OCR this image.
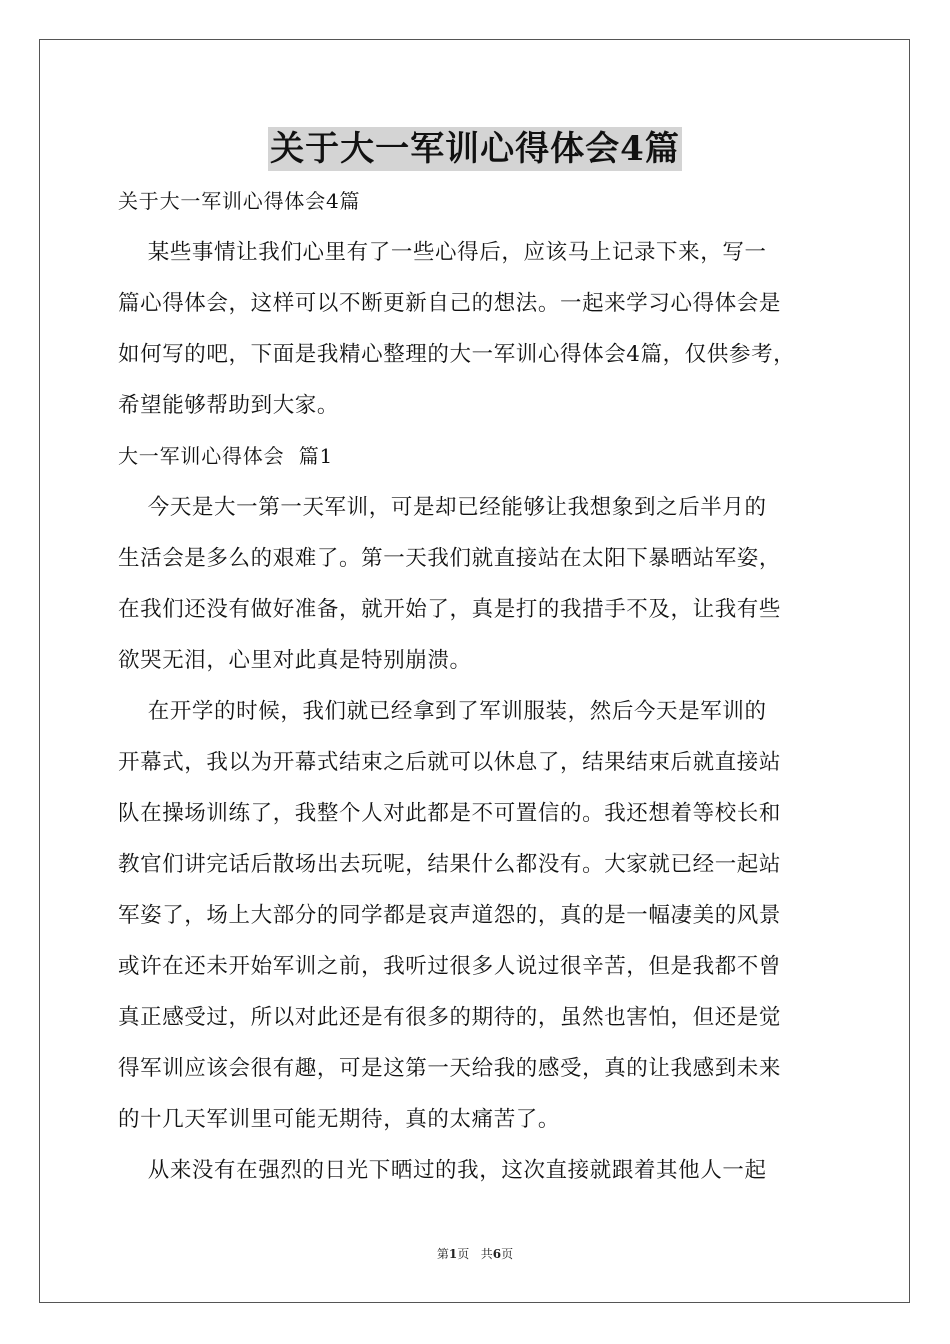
关于大一军训心得体会4篇

关于大一军训心得体会4篇

某些事情让我们心里有了一些心得后，应该马上记录下来，写一

篇心得体会，这样可以不断更新自己的想法。一起来学习心得体会是

如何写的吧，下面是我精心整理的大一军训心得体会4篇，仅供参考，

希望能够帮助到大家。

大一军训心得体会  篇1

今天是大一第一天军训，可是却已经能够让我想象到之后半月的

生活会是多么的艰难了。第一天我们就直接站在太阳下暴晒站军姿，

在我们还没有做好准备，就开始了，真是打的我措手不及，让我有些

欲哭无泪，心里对此真是特别崩溃。

在开学的时候，我们就已经拿到了军训服装，然后今天是军训的

开幕式，我以为开幕式结束之后就可以休息了，结果结束后就直接站

队在操场训练了，我整个人对此都是不可置信的。我还想着等校长和

教官们讲完话后散场出去玩呢，结果什么都没有。大家就已经一起站

军姿了，场上大部分的同学都是哀声道怨的，真的是一幅凄美的风景

或许在还未开始军训之前，我听过很多人说过很辛苦，但是我都不曾

真正感受过，所以对此还是有很多的期待的，虽然也害怕，但还是觉

得军训应该会很有趣，可是这第一天给我的感受，真的让我感到未来

的十几天军训里可能无期待，真的太痛苦了。

从来没有在强烈的日光下晒过的我，这次直接就跟着其他人一起

第1页   共6页
